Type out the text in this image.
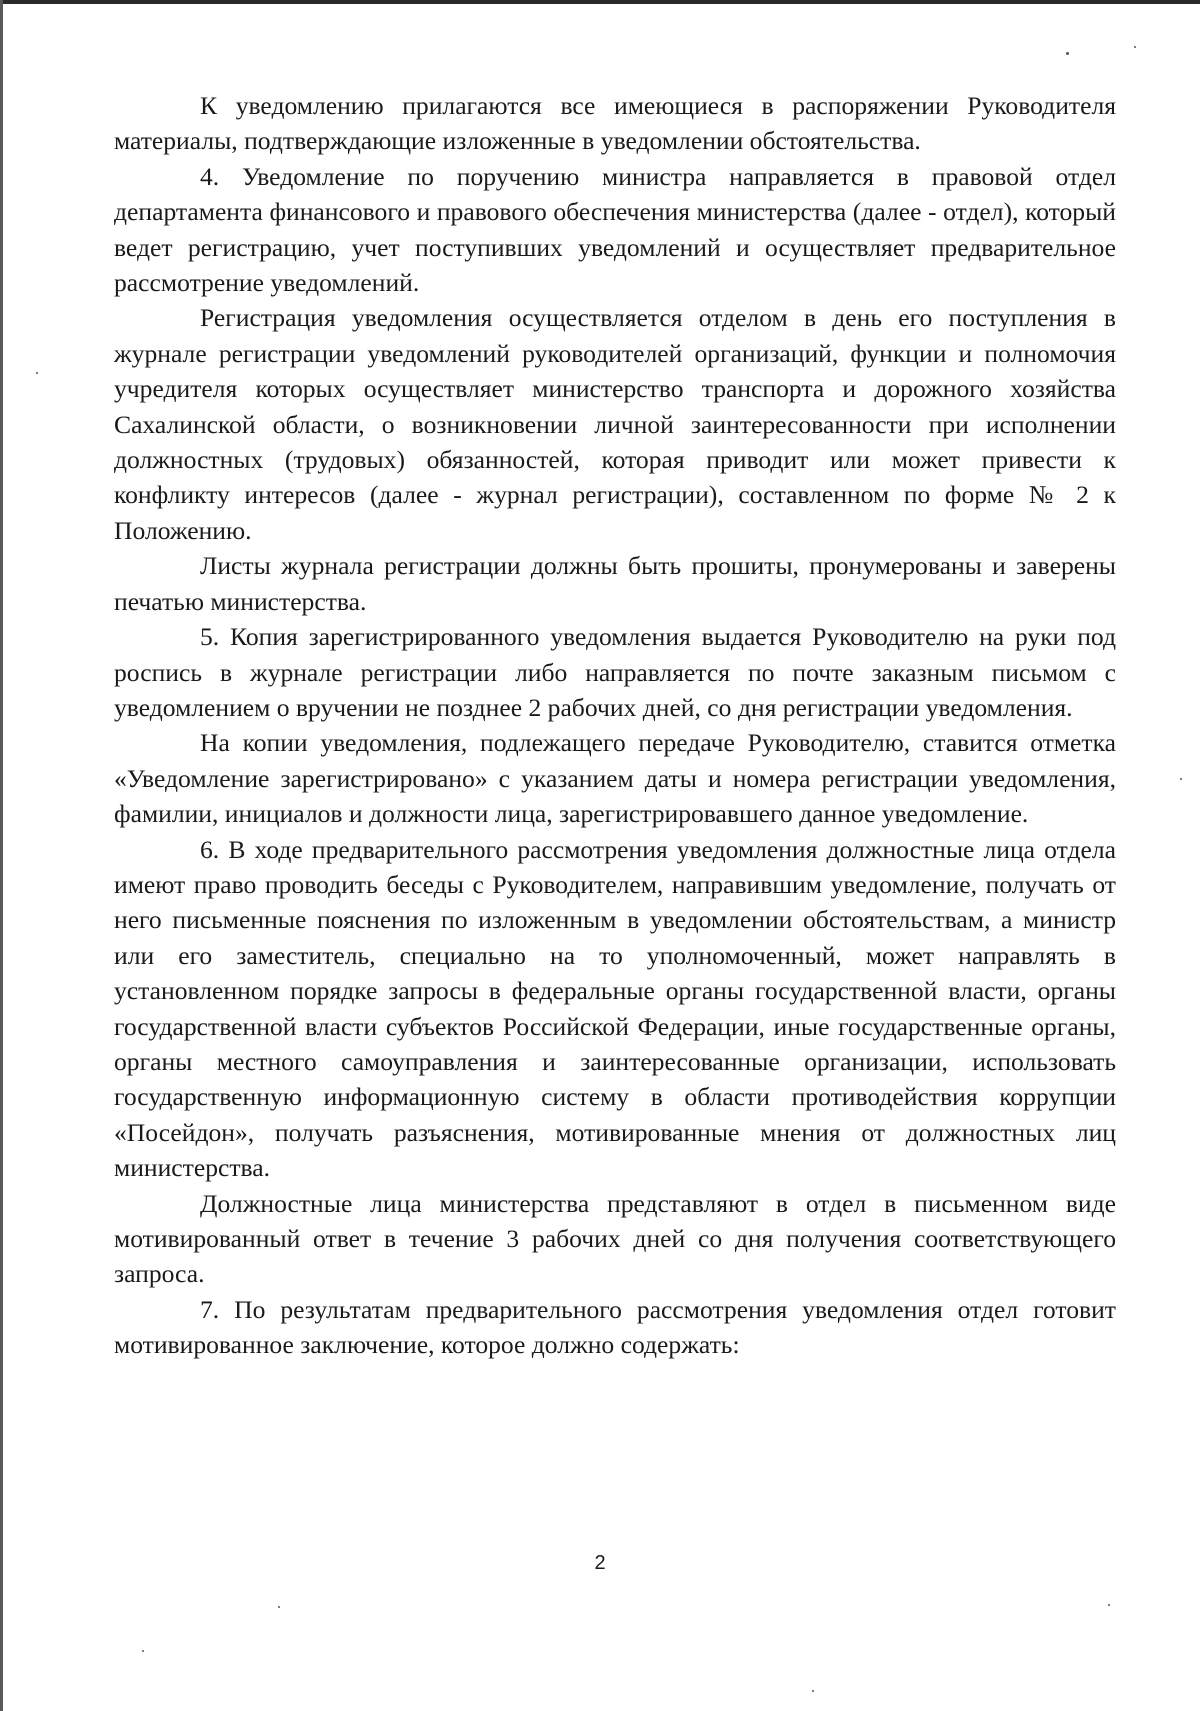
К уведомлению прилагаются все имеющиеся в распоряжении Руководителя материалы, подтверждающие изложенные в уведомлении обстоятельства.

4. Уведомление по поручению министра направляется в правовой отдел департамента финансового и правового обеспечения министерства (далее - отдел), который ведет регистрацию, учет поступивших уведомлений и осуществляет предварительное рассмотрение уведомлений.

Регистрация уведомления осуществляется отделом в день его поступления в журнале регистрации уведомлений руководителей организаций, функции и полномочия учредителя которых осуществляет министерство транспорта и дорожного хозяйства Сахалинской области, о возникновении личной заинтересованности при исполнении должностных (трудовых) обязанностей, которая приводит или может привести к конфликту интересов (далее - журнал регистрации), составленном по форме № 2 к Положению.

Листы журнала регистрации должны быть прошиты, пронумерованы и заверены печатью министерства.

5. Копия зарегистрированного уведомления выдается Руководителю на руки под роспись в журнале регистрации либо направляется по почте заказным письмом с уведомлением о вручении не позднее 2 рабочих дней, со дня регистрации уведомления.

На копии уведомления, подлежащего передаче Руководителю, ставится отметка «Уведомление зарегистрировано» с указанием даты и номера регистрации уведомления, фамилии, инициалов и должности лица, зарегистрировавшего данное уведомление.

6. В ходе предварительного рассмотрения уведомления должностные лица отдела имеют право проводить беседы с Руководителем, направившим уведомление, получать от него письменные пояснения по изложенным в уведомлении обстоятельствам, а министр или его заместитель, специально на то уполномоченный, может направлять в установленном порядке запросы в федеральные органы государственной власти, органы государственной власти субъектов Российской Федерации, иные государственные органы, органы местного самоуправления и заинтересованные организации, использовать государственную информационную систему в области противодействия коррупции «Посейдон», получать разъяснения, мотивированные мнения от должностных лиц министерства.

Должностные лица министерства представляют в отдел в письменном виде мотивированный ответ в течение 3 рабочих дней со дня получения соответствующего запроса.

7. По результатам предварительного рассмотрения уведомления отдел готовит мотивированное заключение, которое должно содержать:

2
